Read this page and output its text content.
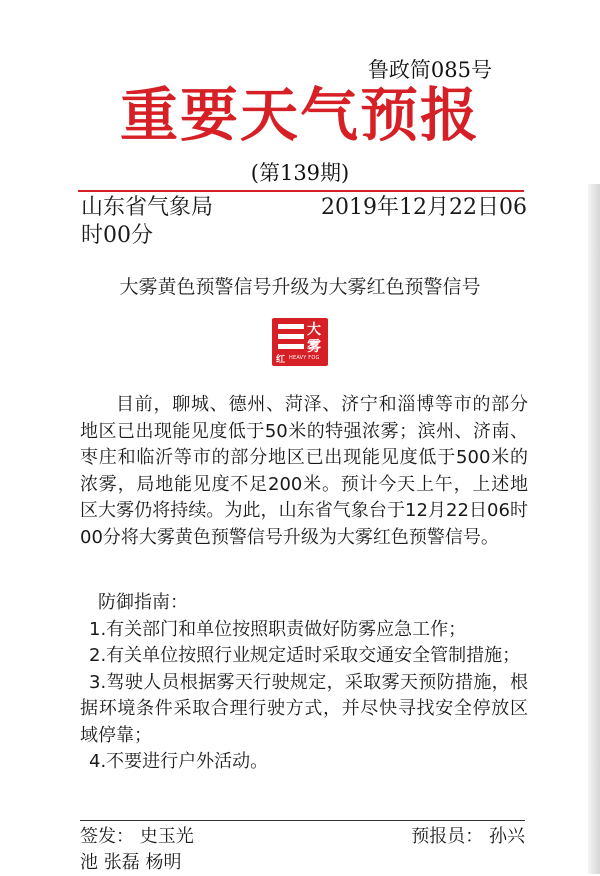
鲁政简085号
重要天气预报
(第139期)
山东省气象局	2019年12月22日06
时00分
大雾黄色预警信号升级为大雾红色预警信号
大
雾
红 HEAVY FOG

目前，聊城、德州、菏泽、济宁和淄博等市的部分地区已出现能见度低于50米的特强浓雾；滨州、济南、枣庄和临沂等市的部分地区已出现能见度低于500米的浓雾，局地能见度不足200米。预计今天上午，上述地区大雾仍将持续。为此，山东省气象台于12月22日06时00分将大雾黄色预警信号升级为大雾红色预警信号。

防御指南：
1.有关部门和单位按照职责做好防雾应急工作；
2.有关单位按照行业规定适时采取交通安全管制措施；
3.驾驶人员根据雾天行驶规定，采取雾天预防措施，根据环境条件采取合理行驶方式，并尽快寻找安全停放区域停靠；
4.不要进行户外活动。
签发： 史玉光	预报员： 孙兴
池 张磊 杨明
